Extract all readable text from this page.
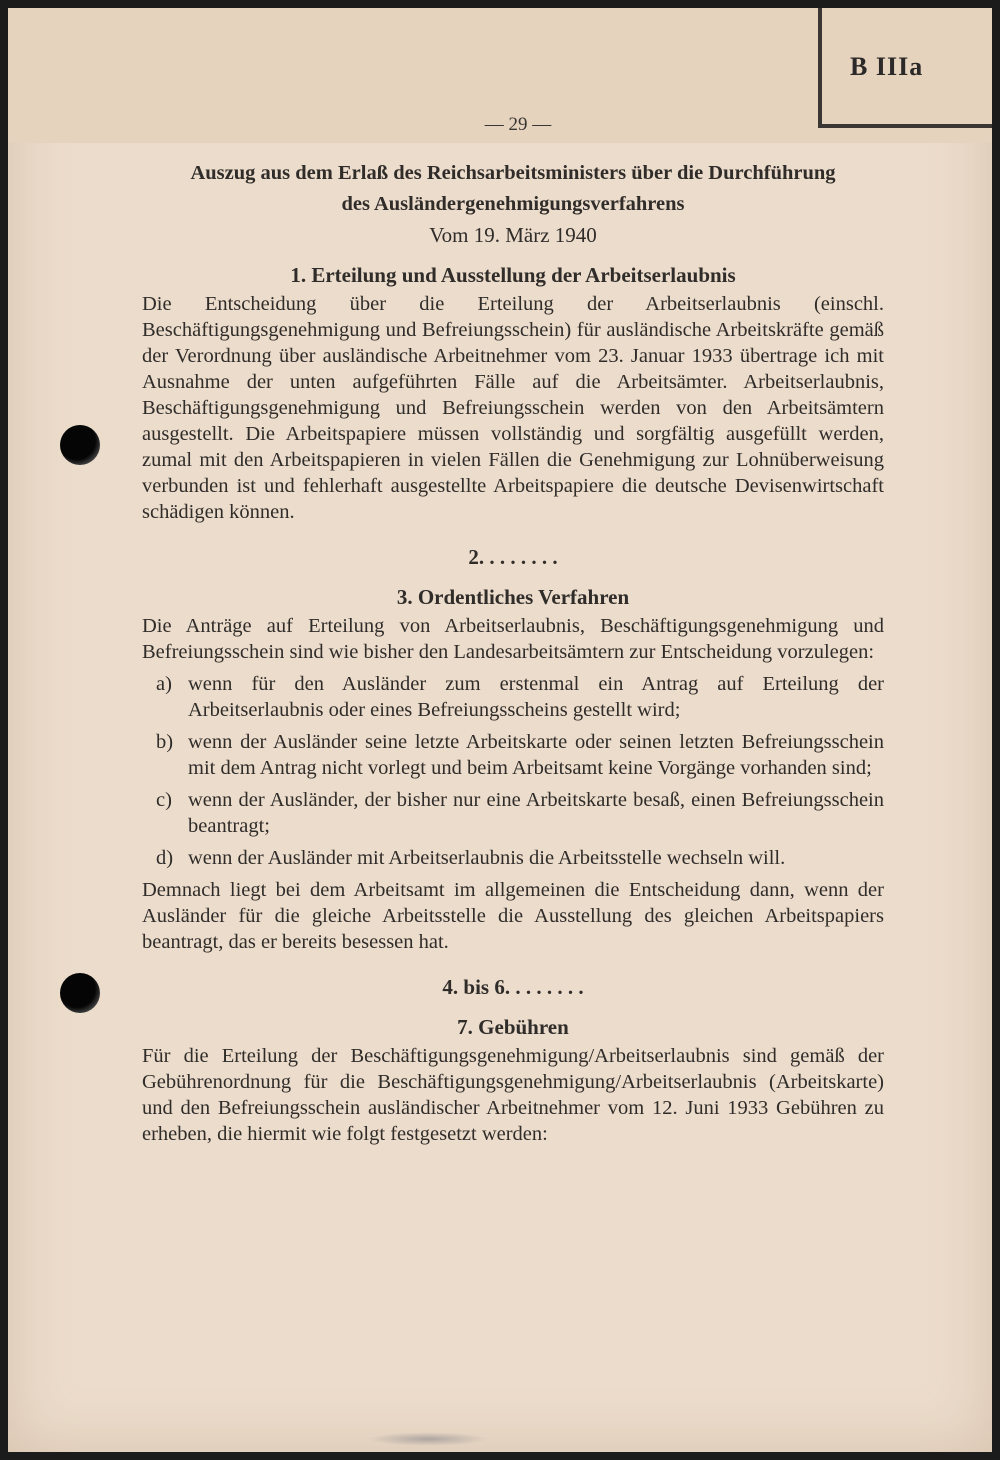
B IIIa
— 29 —

Auszug aus dem Erlaß des Reichsarbeitsministers über die Durchführung

des Ausländergenehmigungsverfahrens

Vom 19. März 1940

1. Erteilung und Ausstellung der Arbeitserlaubnis

Die Entscheidung über die Erteilung der Arbeitserlaubnis (einschl. Beschäftigungsgenehmigung und Befreiungsschein) für ausländische Arbeitskräfte gemäß der Verordnung über ausländische Arbeitnehmer vom 23. Januar 1933 übertrage ich mit Ausnahme der unten aufgeführten Fälle auf die Arbeitsämter. Arbeitserlaubnis, Beschäftigungsgenehmigung und Befreiungsschein werden von den Arbeitsämtern ausgestellt. Die Arbeitspapiere müssen vollständig und sorgfältig ausgefüllt werden, zumal mit den Arbeitspapieren in vielen Fällen die Genehmigung zur Lohnüberweisung verbunden ist und fehlerhaft ausgestellte Arbeitspapiere die deutsche Devisenwirtschaft schädigen können.

2. . . . . . . .

3. Ordentliches Verfahren

Die Anträge auf Erteilung von Arbeitserlaubnis, Beschäftigungsgenehmigung und Befreiungsschein sind wie bisher den Landesarbeitsämtern zur Entscheidung vorzulegen:

a) wenn für den Ausländer zum erstenmal ein Antrag auf Erteilung der Arbeitserlaubnis oder eines Befreiungsscheins gestellt wird;
b) wenn der Ausländer seine letzte Arbeitskarte oder seinen letzten Befreiungsschein mit dem Antrag nicht vorlegt und beim Arbeitsamt keine Vorgänge vorhanden sind;
c) wenn der Ausländer, der bisher nur eine Arbeitskarte besaß, einen Befreiungsschein beantragt;
d) wenn der Ausländer mit Arbeitserlaubnis die Arbeitsstelle wechseln will.

Demnach liegt bei dem Arbeitsamt im allgemeinen die Entscheidung dann, wenn der Ausländer für die gleiche Arbeitsstelle die Ausstellung des gleichen Arbeitspapiers beantragt, das er bereits besessen hat.

4. bis 6. . . . . . . .

7. Gebühren

Für die Erteilung der Beschäftigungsgenehmigung/Arbeitserlaubnis sind gemäß der Gebührenordnung für die Beschäftigungsgenehmigung/Arbeitserlaubnis (Arbeitskarte) und den Befreiungsschein ausländischer Arbeitnehmer vom 12. Juni 1933 Gebühren zu erheben, die hiermit wie folgt festgesetzt werden:
